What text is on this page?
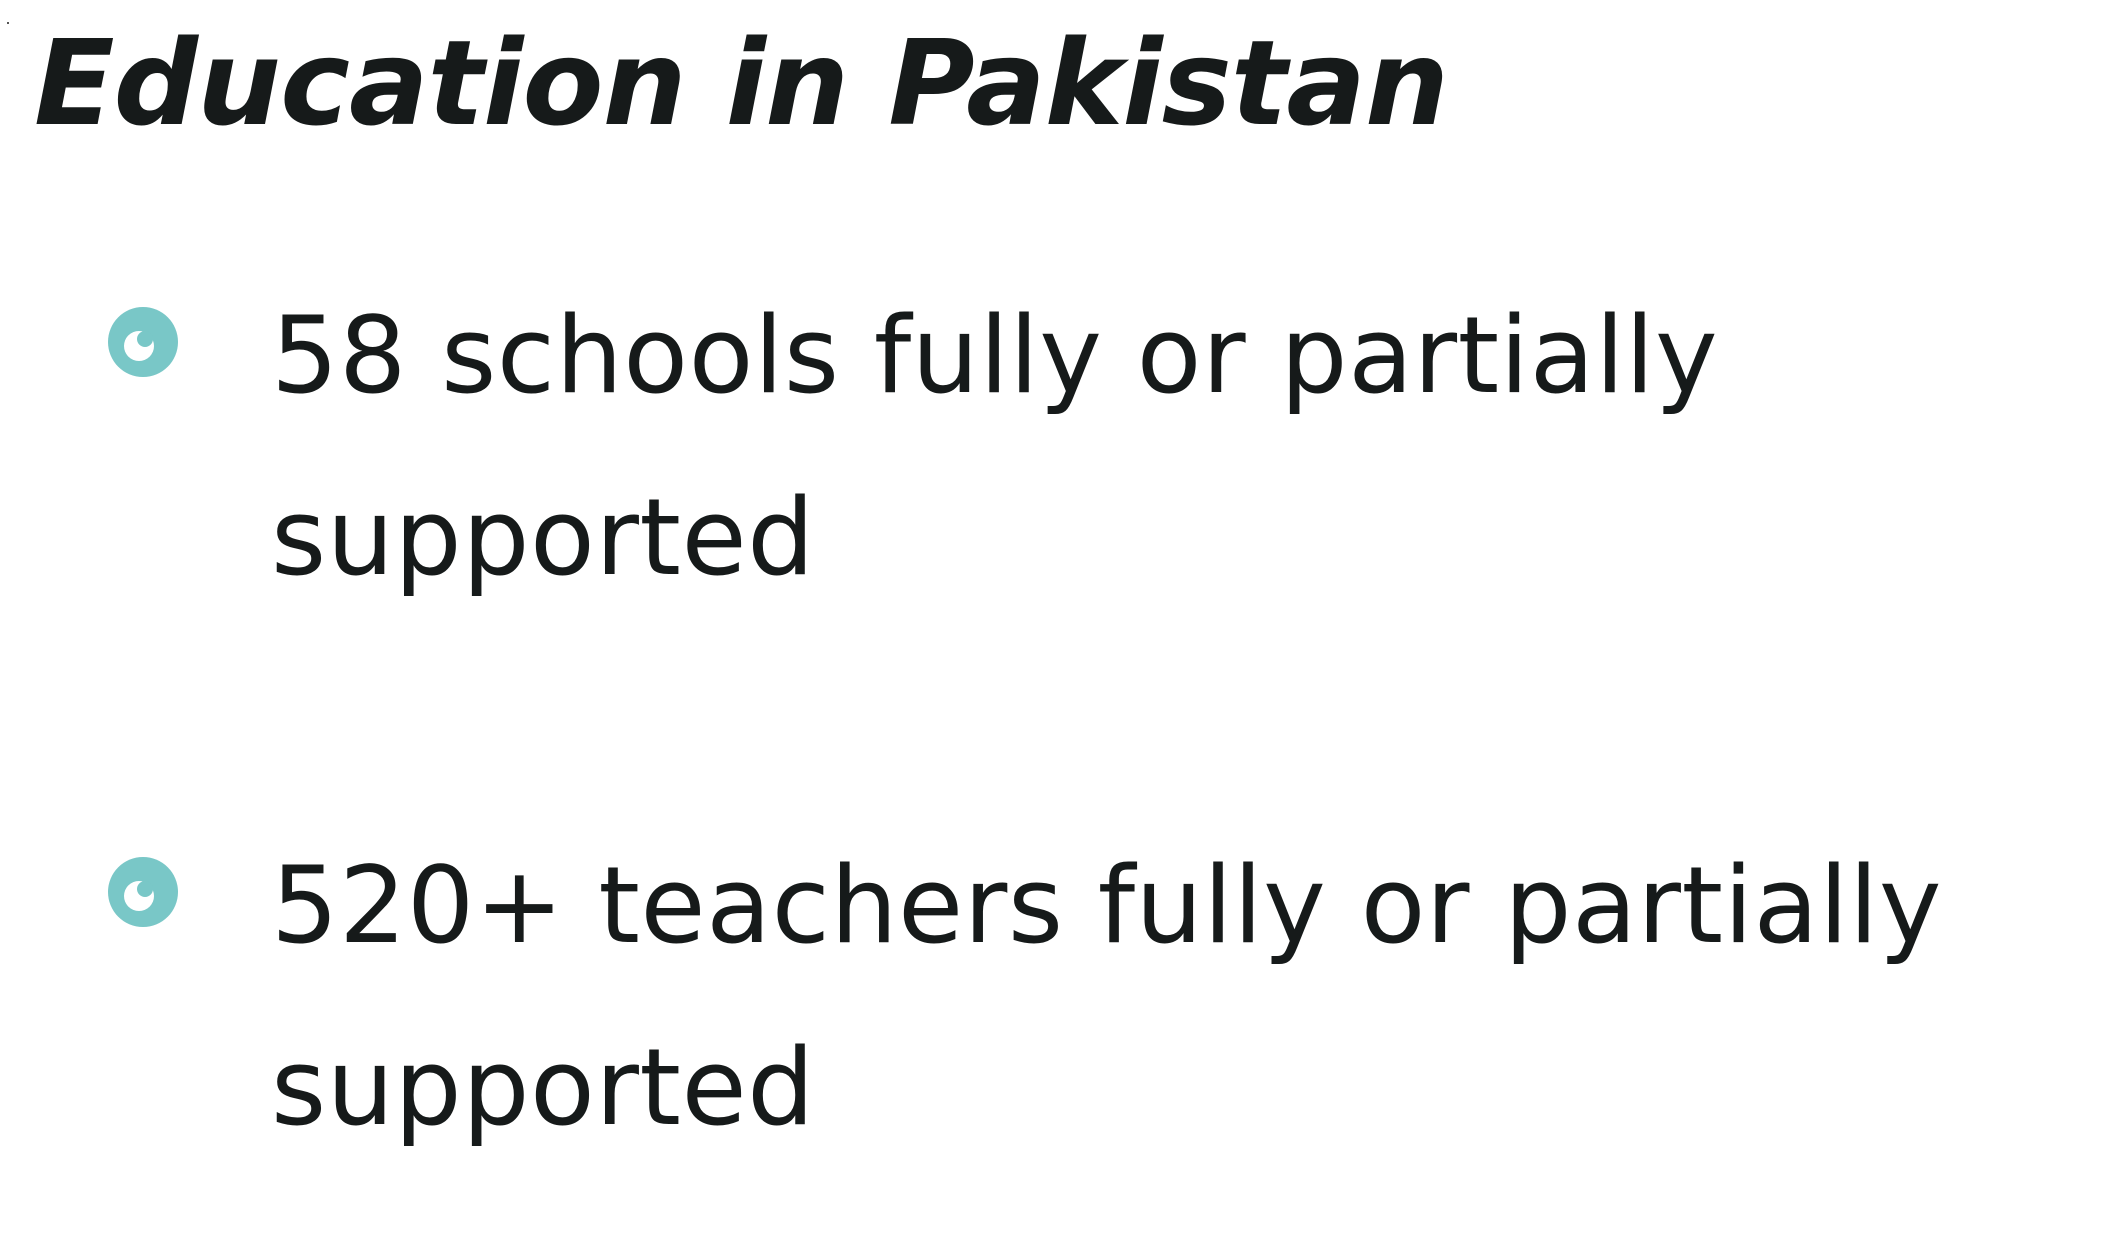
Education in Pakistan

58 schools fully or partially supported

520+ teachers fully or partially supported
